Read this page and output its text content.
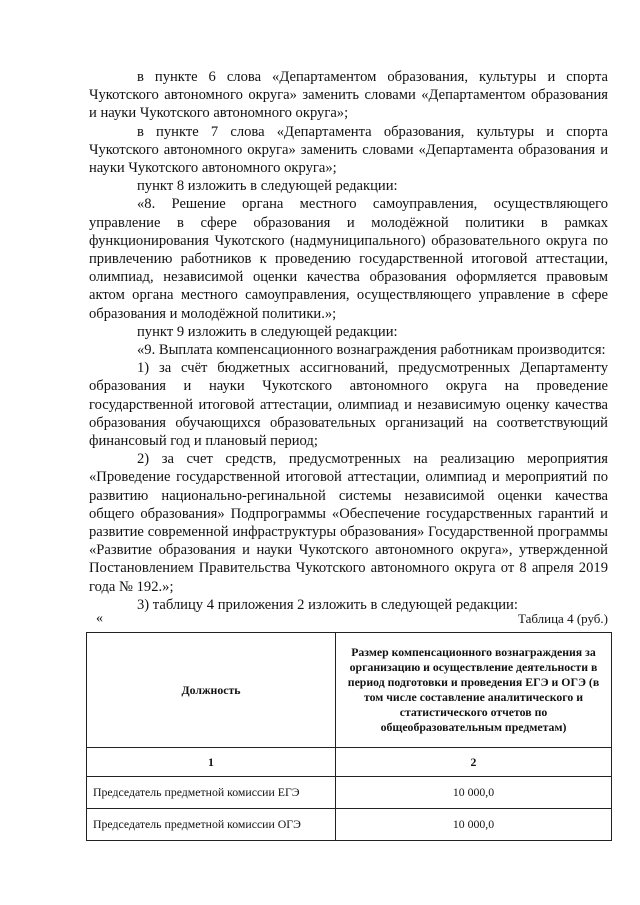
в пункте 6 слова «Департаментом образования, культуры и спорта Чукотского автономного округа» заменить словами «Департаментом образования и науки Чукотского автономного округа»;

в пункте 7 слова «Департамента образования, культуры и спорта Чукотского автономного округа» заменить словами «Департамента образования и науки Чукотского автономного округа»;

пункт 8 изложить в следующей редакции:

«8. Решение органа местного самоуправления, осуществляющего управление в сфере образования и молодёжной политики в рамках функционирования Чукотского (надмуниципального) образовательного округа по привлечению работников к проведению государственной итоговой аттестации, олимпиад, независимой оценки качества образования оформляется правовым актом органа местного самоуправления, осуществляющего управление в сфере образования и молодёжной политики.»;

пункт 9 изложить в следующей редакции:

«9. Выплата компенсационного вознаграждения работникам производится:

1) за счёт бюджетных ассигнований, предусмотренных Департаменту образования и науки Чукотского автономного округа на проведение государственной итоговой аттестации, олимпиад и независимую оценку качества образования обучающихся образовательных организаций на соответствующий финансовый год и плановый период;

2) за счет средств, предусмотренных на реализацию мероприятия «Проведение государственной итоговой аттестации, олимпиад и мероприятий по развитию национально-регинальной системы независимой оценки качества общего образования» Подпрограммы «Обеспечение государственных гарантий и развитие современной инфраструктуры образования» Государственной программы «Развитие образования и науки Чукотского автономного округа», утвержденной Постановлением Правительства Чукотского автономного округа от 8 апреля 2019 года № 192.»;

3) таблицу 4 приложения 2 изложить в следующей редакции:

«	Таблица 4 (руб.)
Должность	Размер компенсационного вознаграждения за организацию и осуществление деятельности в период подготовки и проведения ЕГЭ и ОГЭ (в том числе составление аналитического и статистического отчетов по общеобразовательным предметам)
1	2
Председатель предметной комиссии ЕГЭ	10 000,0
Председатель предметной комиссии ОГЭ	10 000,0
